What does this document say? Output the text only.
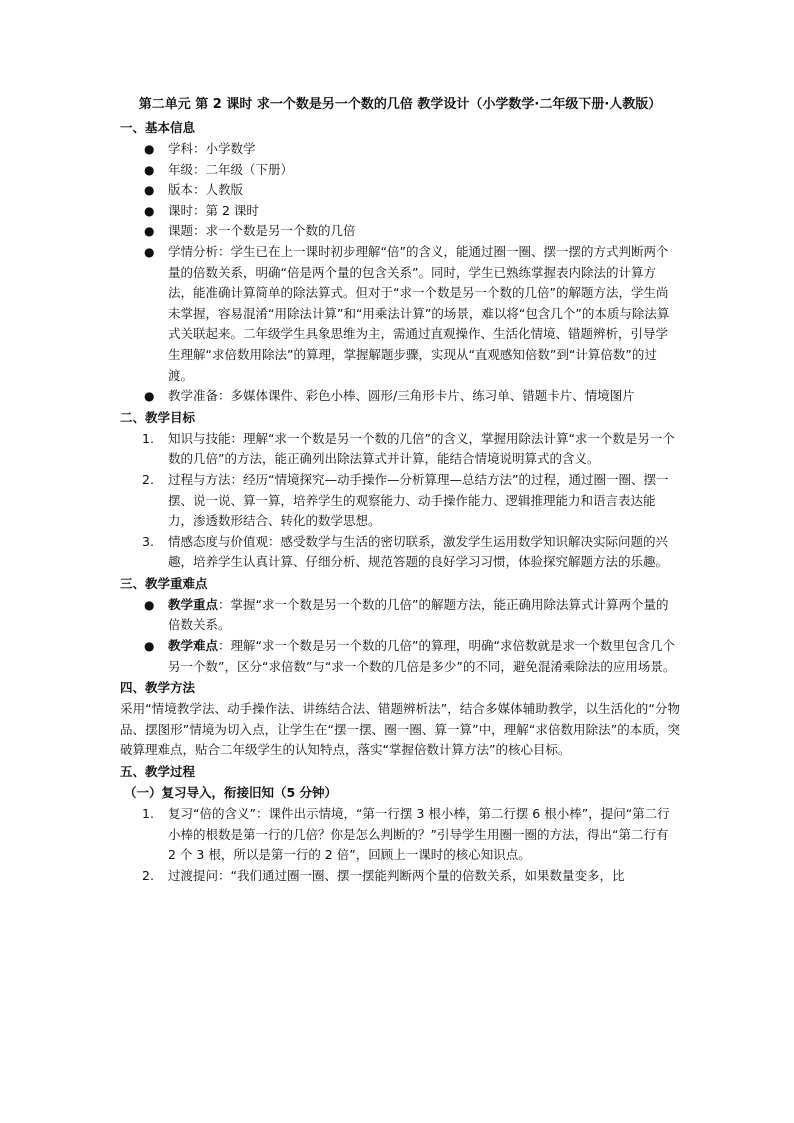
第二单元 第 2 课时 求一个数是另一个数的几倍 教学设计（小学数学·二年级下册·人教版）
一、基本信息
●	学科：小学数学
●	年级：二年级（下册）
●	版本：人教版
●	课时：第 2 课时
●	课题：求一个数是另一个数的几倍
●	学情分析：学生已在上一课时初步理解“倍”的含义，能通过圈一圈、摆一摆的方式判断两个量的倍数关系，明确“倍是两个量的包含关系”。同时，学生已熟练掌握表内除法的计算方法，能准确计算简单的除法算式。但对于“求一个数是另一个数的几倍”的解题方法，学生尚未掌握，容易混淆“用除法计算”和“用乘法计算”的场景，难以将“包含几个”的本质与除法算式关联起来。二年级学生具象思维为主，需通过直观操作、生活化情境、错题辨析，引导学生理解“求倍数用除法”的算理，掌握解题步骤，实现从“直观感知倍数”到“计算倍数”的过渡。
●	教学准备：多媒体课件、彩色小棒、圆形/三角形卡片、练习单、错题卡片、情境图片
二、教学目标
1.	知识与技能：理解“求一个数是另一个数的几倍”的含义，掌握用除法计算“求一个数是另一个数的几倍”的方法，能正确列出除法算式并计算，能结合情境说明算式的含义。
2.	过程与方法：经历“情境探究—动手操作—分析算理—总结方法”的过程，通过圈一圈、摆一摆、说一说、算一算，培养学生的观察能力、动手操作能力、逻辑推理能力和语言表达能力，渗透数形结合、转化的数学思想。
3.	情感态度与价值观：感受数学与生活的密切联系，激发学生运用数学知识解决实际问题的兴趣，培养学生认真计算、仔细分析、规范答题的良好学习习惯，体验探究解题方法的乐趣。
三、教学重难点
●	教学重点：掌握“求一个数是另一个数的几倍”的解题方法，能正确用除法算式计算两个量的倍数关系。
●	教学难点：理解“求一个数是另一个数的几倍”的算理，明确“求倍数就是求一个数里包含几个另一个数”，区分“求倍数”与“求一个数的几倍是多少”的不同，避免混淆乘除法的应用场景。
四、教学方法

采用“情境教学法、动手操作法、讲练结合法、错题辨析法”，结合多媒体辅助教学，以生活化的“分物品、摆图形”情境为切入点，让学生在“摆一摆、圈一圈、算一算”中，理解“求倍数用除法”的本质，突破算理难点，贴合二年级学生的认知特点，落实“掌握倍数计算方法”的核心目标。

五、教学过程
（一）复习导入，衔接旧知（5 分钟）
1.	复习“倍的含义”：课件出示情境，“第一行摆 3 根小棒，第二行摆 6 根小棒”，提问“第二行小棒的根数是第一行的几倍？你是怎么判断的？”引导学生用圈一圈的方法，得出“第二行有 2 个 3 根，所以是第一行的 2 倍”，回顾上一课时的核心知识点。
2.	过渡提问：“我们通过圈一圈、摆一摆能判断两个量的倍数关系，如果数量变多，比
